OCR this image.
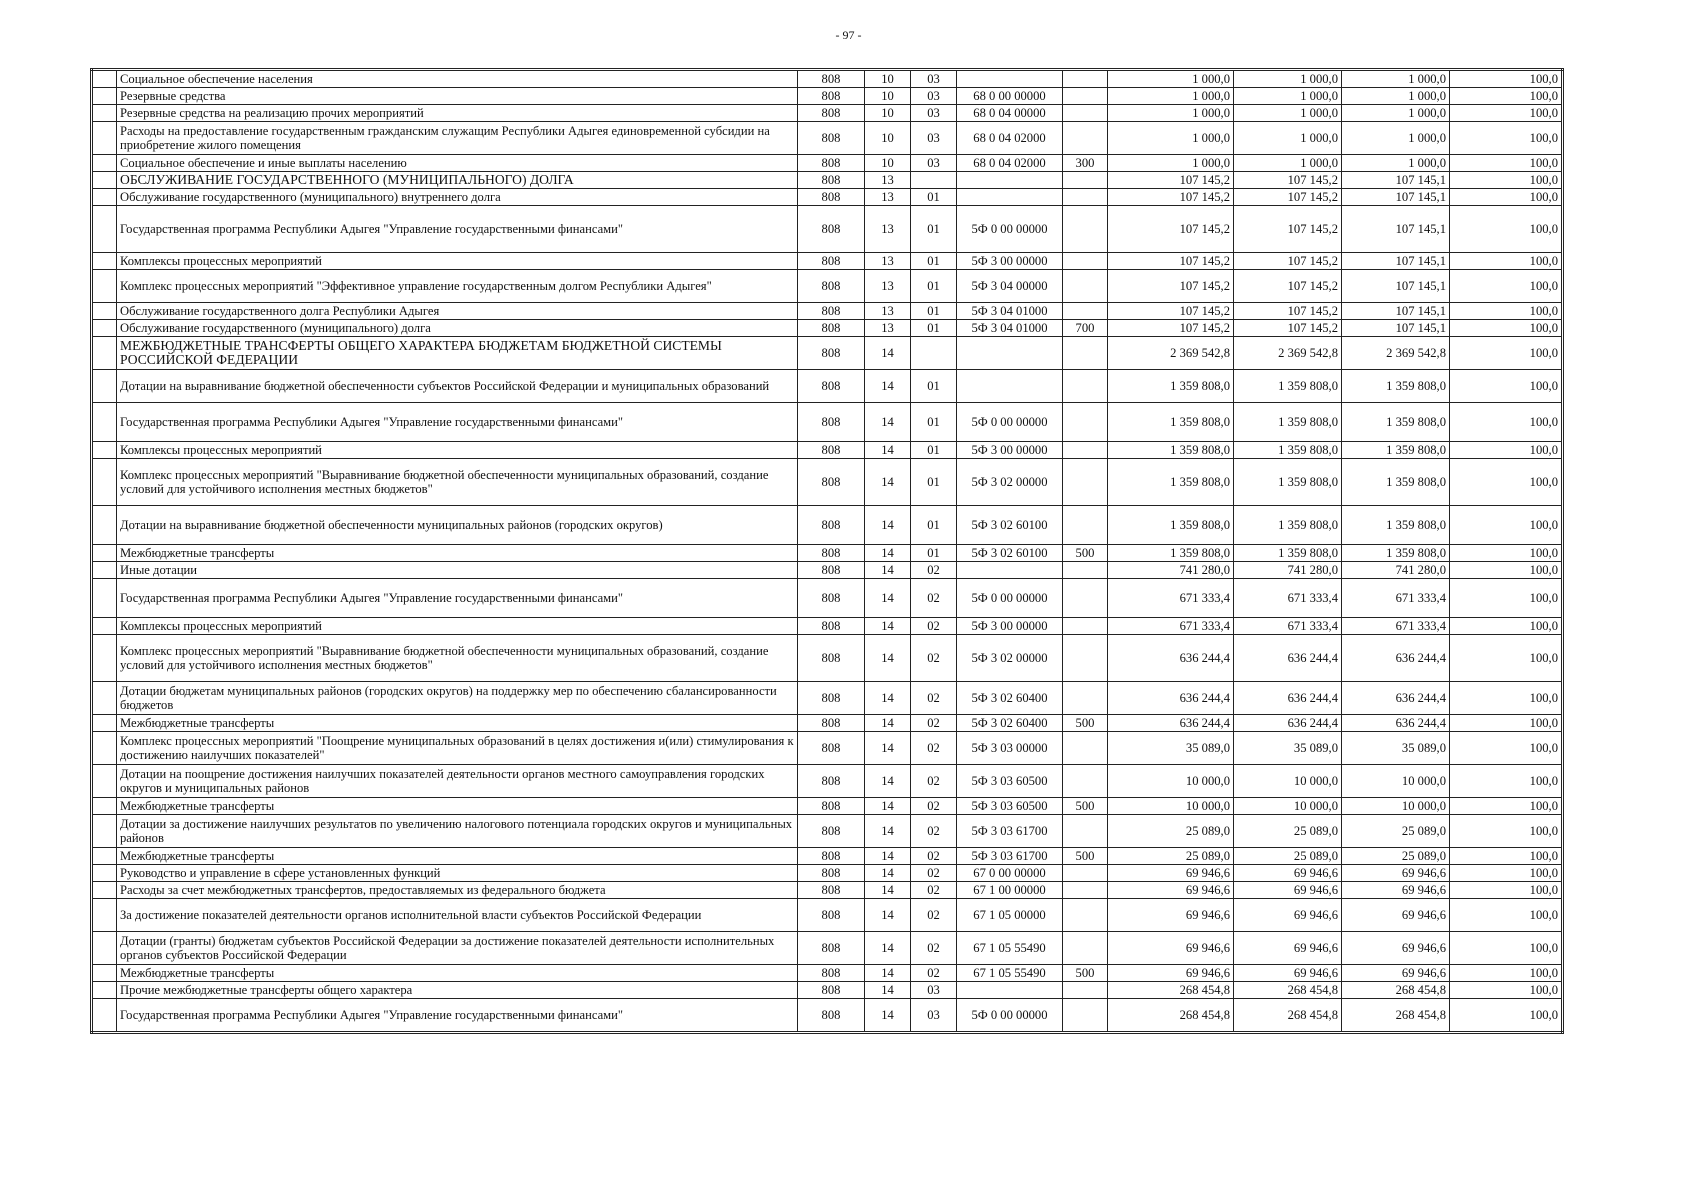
- 97 -
	Социальное обеспечение населения	808	10	03			1 000,0	1 000,0	1 000,0	100,0
	Резервные средства	808	10	03	68 0 00 00000		1 000,0	1 000,0	1 000,0	100,0
	Резервные средства на реализацию прочих мероприятий	808	10	03	68 0 04 00000		1 000,0	1 000,0	1 000,0	100,0
	Расходы на предоставление государственным гражданским служащим Республики Адыгея единовременной субсидии на приобретение жилого помещения	808	10	03	68 0 04 02000		1 000,0	1 000,0	1 000,0	100,0
	Социальное обеспечение и иные выплаты населению	808	10	03	68 0 04 02000	300	1 000,0	1 000,0	1 000,0	100,0
	ОБСЛУЖИВАНИЕ ГОСУДАРСТВЕННОГО (МУНИЦИПАЛЬНОГО) ДОЛГА	808	13				107 145,2	107 145,2	107 145,1	100,0
	Обслуживание государственного (муниципального) внутреннего долга	808	13	01			107 145,2	107 145,2	107 145,1	100,0
	Государственная программа Республики Адыгея "Управление государственными финансами"	808	13	01	5Ф 0 00 00000		107 145,2	107 145,2	107 145,1	100,0
	Комплексы процессных мероприятий	808	13	01	5Ф 3 00 00000		107 145,2	107 145,2	107 145,1	100,0
	Комплекс процессных мероприятий "Эффективное управление государственным долгом Республики Адыгея"	808	13	01	5Ф 3 04 00000		107 145,2	107 145,2	107 145,1	100,0
	Обслуживание государственного долга Республики Адыгея	808	13	01	5Ф 3 04 01000		107 145,2	107 145,2	107 145,1	100,0
	Обслуживание государственного (муниципального) долга	808	13	01	5Ф 3 04 01000	700	107 145,2	107 145,2	107 145,1	100,0
	МЕЖБЮДЖЕТНЫЕ ТРАНСФЕРТЫ ОБЩЕГО ХАРАКТЕРА БЮДЖЕТАМ БЮДЖЕТНОЙ СИСТЕМЫ РОССИЙСКОЙ ФЕДЕРАЦИИ	808	14				2 369 542,8	2 369 542,8	2 369 542,8	100,0
	Дотации на выравнивание бюджетной обеспеченности субъектов Российской Федерации и муниципальных образований	808	14	01			1 359 808,0	1 359 808,0	1 359 808,0	100,0
	Государственная программа Республики Адыгея "Управление государственными финансами"	808	14	01	5Ф 0 00 00000		1 359 808,0	1 359 808,0	1 359 808,0	100,0
	Комплексы процессных мероприятий	808	14	01	5Ф 3 00 00000		1 359 808,0	1 359 808,0	1 359 808,0	100,0
	Комплекс процессных мероприятий "Выравнивание бюджетной обеспеченности муниципальных образований, создание условий для устойчивого исполнения местных бюджетов"	808	14	01	5Ф 3 02 00000		1 359 808,0	1 359 808,0	1 359 808,0	100,0
	Дотации на выравнивание бюджетной обеспеченности муниципальных районов (городских округов)	808	14	01	5Ф 3 02 60100		1 359 808,0	1 359 808,0	1 359 808,0	100,0
	Межбюджетные трансферты	808	14	01	5Ф 3 02 60100	500	1 359 808,0	1 359 808,0	1 359 808,0	100,0
	Иные дотации	808	14	02			741 280,0	741 280,0	741 280,0	100,0
	Государственная программа Республики Адыгея "Управление государственными финансами"	808	14	02	5Ф 0 00 00000		671 333,4	671 333,4	671 333,4	100,0
	Комплексы процессных мероприятий	808	14	02	5Ф 3 00 00000		671 333,4	671 333,4	671 333,4	100,0
	Комплекс процессных мероприятий "Выравнивание бюджетной обеспеченности муниципальных образований, создание условий для устойчивого исполнения местных бюджетов"	808	14	02	5Ф 3 02 00000		636 244,4	636 244,4	636 244,4	100,0
	Дотации бюджетам муниципальных районов (городских округов) на поддержку мер по обеспечению сбалансированности бюджетов	808	14	02	5Ф 3 02 60400		636 244,4	636 244,4	636 244,4	100,0
	Межбюджетные трансферты	808	14	02	5Ф 3 02 60400	500	636 244,4	636 244,4	636 244,4	100,0
	Комплекс процессных мероприятий "Поощрение муниципальных образований в целях достижения и(или) стимулирования к достижению наилучших показателей"	808	14	02	5Ф 3 03 00000		35 089,0	35 089,0	35 089,0	100,0
	Дотации на поощрение достижения наилучших показателей деятельности органов местного самоуправления городских округов и муниципальных районов	808	14	02	5Ф 3 03 60500		10 000,0	10 000,0	10 000,0	100,0
	Межбюджетные трансферты	808	14	02	5Ф 3 03 60500	500	10 000,0	10 000,0	10 000,0	100,0
	Дотации за достижение наилучших результатов по увеличению налогового потенциала городских округов и муниципальных районов	808	14	02	5Ф 3 03 61700		25 089,0	25 089,0	25 089,0	100,0
	Межбюджетные трансферты	808	14	02	5Ф 3 03 61700	500	25 089,0	25 089,0	25 089,0	100,0
	Руководство и управление в сфере установленных функций	808	14	02	67 0 00 00000		69 946,6	69 946,6	69 946,6	100,0
	Расходы за счет межбюджетных трансфертов, предоставляемых из федерального бюджета	808	14	02	67 1 00 00000		69 946,6	69 946,6	69 946,6	100,0
	За достижение показателей деятельности органов исполнительной власти субъектов Российской Федерации	808	14	02	67 1 05 00000		69 946,6	69 946,6	69 946,6	100,0
	Дотации (гранты) бюджетам субъектов Российской Федерации за достижение показателей деятельности исполнительных органов субъектов Российской Федерации	808	14	02	67 1 05 55490		69 946,6	69 946,6	69 946,6	100,0
	Межбюджетные трансферты	808	14	02	67 1 05 55490	500	69 946,6	69 946,6	69 946,6	100,0
	Прочие межбюджетные трансферты общего характера	808	14	03			268 454,8	268 454,8	268 454,8	100,0
	Государственная программа Республики Адыгея "Управление государственными финансами"	808	14	03	5Ф 0 00 00000		268 454,8	268 454,8	268 454,8	100,0
